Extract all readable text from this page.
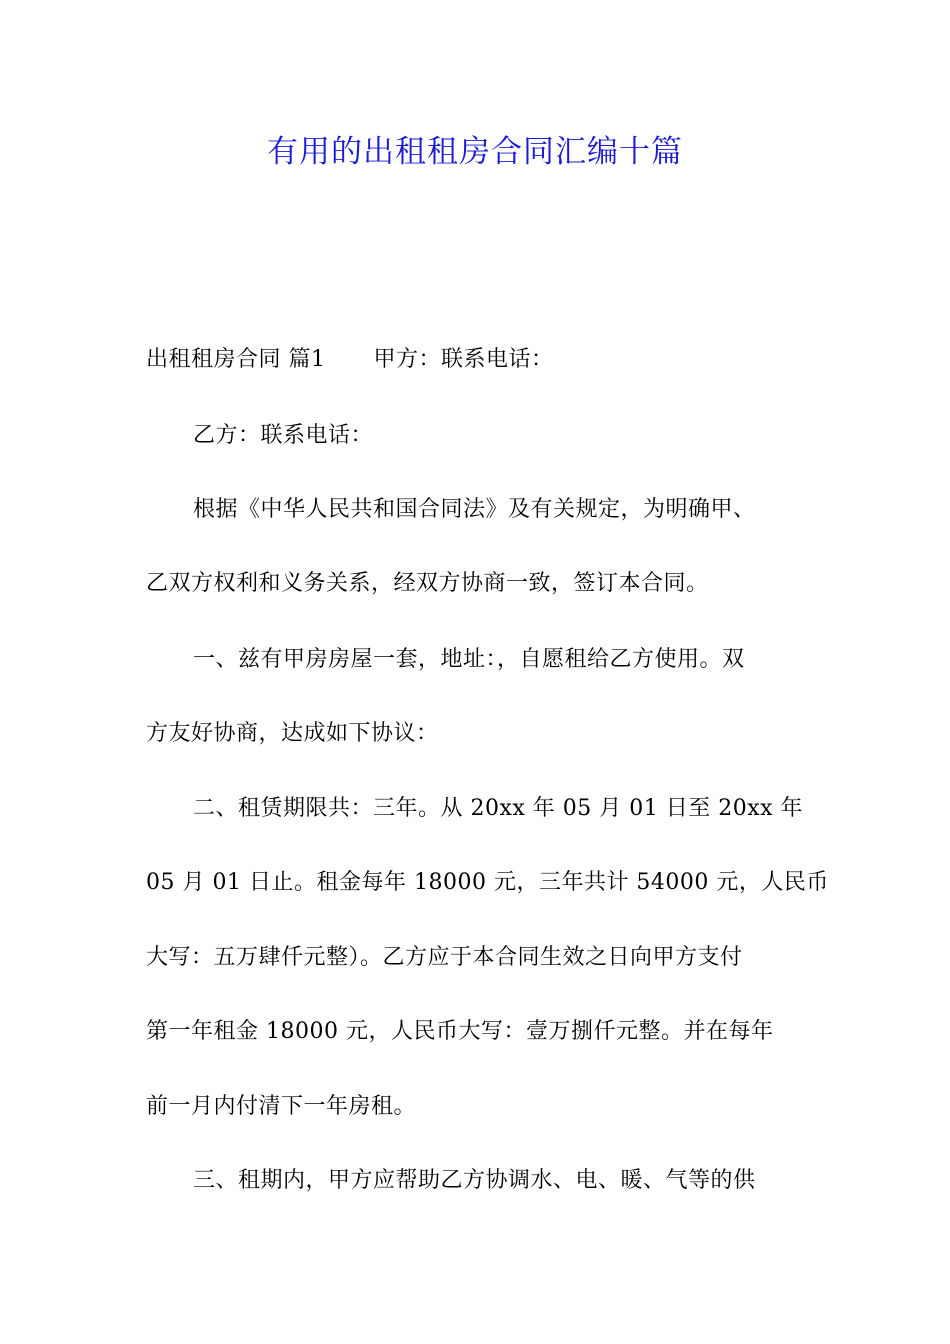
有用的出租租房合同汇编十篇
出租租房合同 篇1 甲方：联系电话：
乙方：联系电话：
根据《中华人民共和国合同法》及有关规定，为明确甲、
乙双方权利和义务关系，经双方协商一致，签订本合同。
一、兹有甲房房屋一套，地址：，自愿租给乙方使用。双
方友好协商，达成如下协议：
二、租赁期限共：三年。从 20xx 年 05 月 01 日至 20xx 年
05 月 01 日止。租金每年 18000 元，三年共计 54000 元，人民币
大写：五万肆仟元整）。乙方应于本合同生效之日向甲方支付
第一年租金 18000 元，人民币大写：壹万捌仟元整。并在每年
前一月内付清下一年房租。
三、租期内，甲方应帮助乙方协调水、电、暖、气等的供
